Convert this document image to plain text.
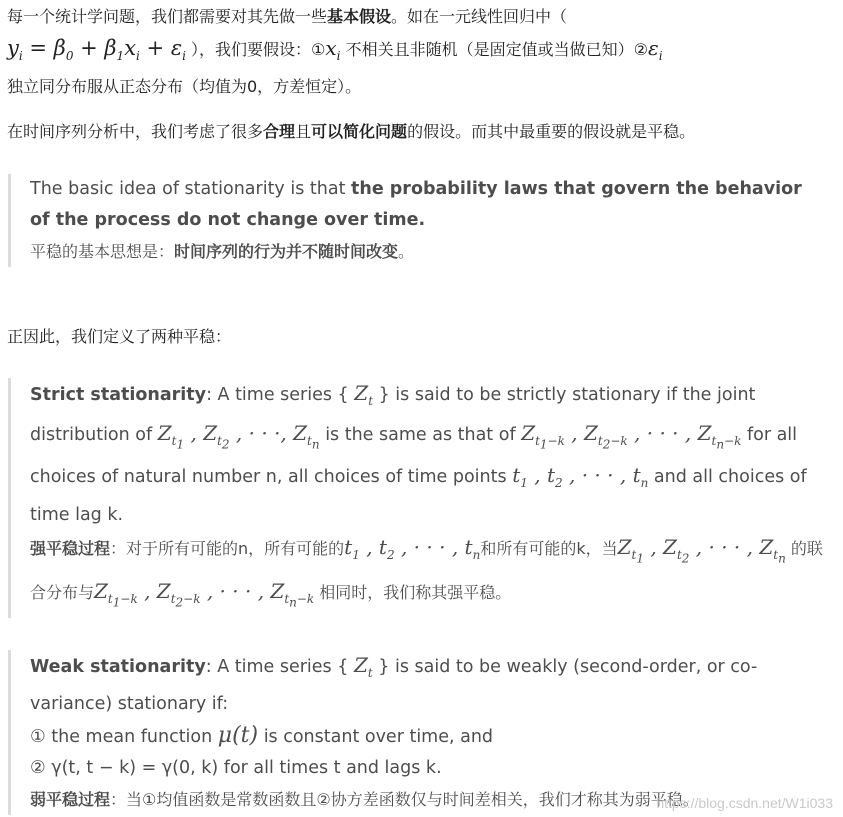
每一个统计学问题，我们都需要对其先做一些基本假设。如在一元线性回归中（

$y_i = \beta_0 + \beta_1x_i + \varepsilon_i$ ），我们要假设：$①x_i$ 不相关且非随机（是固定值或当做已知）$②\varepsilon_i$

独立同分布服从正态分布（均值为0，方差恒定）。

在时间序列分析中，我们考虑了很多合理且可以简化问题的假设。而其中最重要的假设就是平稳。

The basic idea of stationarity is that the probability laws that govern the behavior of the process do not change over time.

平稳的基本思想是：时间序列的行为并不随时间改变。

正因此，我们定义了两种平稳：

Strict stationarity: A time series { $Z_t$ } is said to be strictly stationary if the joint distribution of $Z_{t_1}$ , $Z_{t_2}$ , · · ·, $Z_{t_n}$ is the same as that of $Z_{t_1-k}$ , $Z_{t_2-k}$ , · · · , $Z_{t_n-k}$ for all choices of natural number n, all choices of time points $t_1$ , $t_2$ , · · · , $t_n$ and all choices of time lag k.

强平稳过程：对于所有可能的n，所有可能的$t_1$ , $t_2$ , · · · , $t_n$和所有可能的k，当$Z_{t_1}$ , $Z_{t_2}$ , · · · , $Z_{t_n}$ 的联合分布与$Z_{t_1-k}$ , $Z_{t_2-k}$ , · · · , $Z_{t_n-k}$ 相同时，我们称其强平稳。

Weak stationarity: A time series { $Z_t$ } is said to be weakly (second-order, or co-variance) stationary if:

① the mean function μ(t) is constant over time, and

② γ(t, t − k) = γ(0, k) for all times t and lags k.

弱平稳过程：当①均值函数是常数函数且②协方差函数仅与时间差相关，我们才称其为弱平稳。

https://blog.csdn.net/W1i033
